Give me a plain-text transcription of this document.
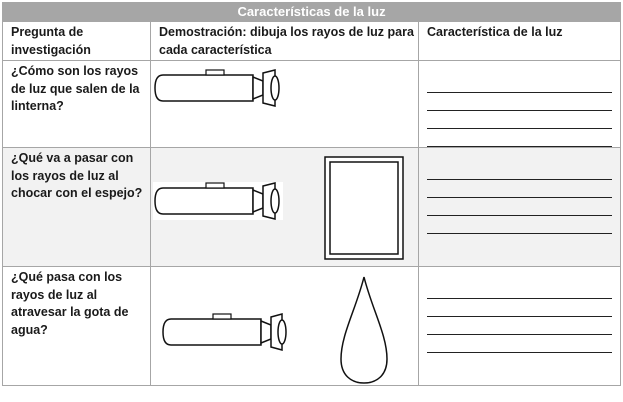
Características de la luz		

Pregunta de investigación	Demostración: dibuja los rayos de luz para cada característica	Característica de la luz

¿Cómo son los rayos de luz que salen de la linterna?

¿Qué va a pasar con los rayos de luz al chocar con el espejo?

¿Qué pasa con los rayos de luz al atravesar la gota de agua?
